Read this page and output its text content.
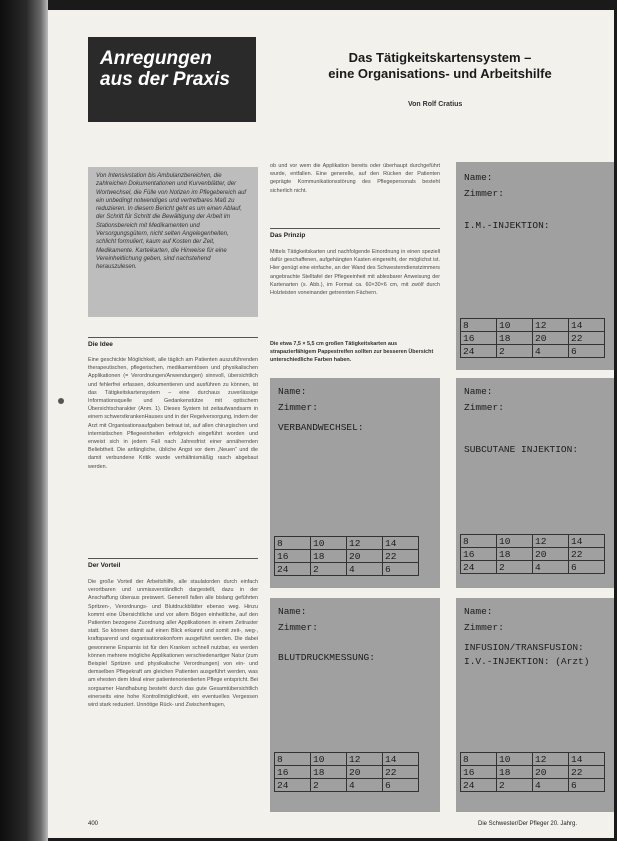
Anregungen
aus der Praxis
Das Tätigkeitskartensystem –
eine Organisations- und Arbeitshilfe
Von Rolf Cratius
Von Intensivstation bis Ambulanzbereichen, die zahlreichen Dokumentationen und Kurvenblätter, der Wortwechsel, die Fülle von Notizen im Pflegebereich auf ein unbedingt notwendiges und vertretbares Maß zu reduzieren. In diesem Bericht geht es um einen Ablauf, der Schritt für Schritt die Bewältigung der Arbeit im Stationsbereich mit Medikamenten und Versorgungsgütern, nicht selten Angelegenheiten, schlicht formuliert, kaum auf Kosten der Zeit, Medikamente. Karteikarten, die Hinweise für eine Vereinheitlichung geben, sind nachstehend herauszulesen.
Die Idee
Eine geschickte Möglichkeit, alle täglich am Patienten auszuführenden therapeutischen, pflegerischen, medikamentösen und physikalischen Applikationen (= Verordnungen/Anwendungen) sinnvoll, übersichtlich und fehlerfrei erfassen, dokumentieren und ausführen zu können, ist das Tätigkeitskartensystem – eine durchaus zuverlässige Informationsquelle und Gedankenstütze mit optischem Übersichtscharakter (Anm. 1). Dieses System ist zeitaufwandsarm in einem schwerstkrankenHauses und in der Regelversorgung, indem der Arzt mit Organisationsaufgaben betraut ist, auf allen chirurgischen und internistischen Pflegeeinheiten erfolgreich eingeführt worden und erweist sich in jedem Fall nach Jahresfrist einer annähernden Beliebtheit. Die anfängliche, übliche Angst vor dem „Neuen“ und die damit verbundene Kritik wurde verhältnismäßig rasch abgebaut werden.
Der Vorteil
Die große Vorteil der Arbeitshilfe, alle staulatorden durch einfach verortbaren und unmissverständlich dargestellt, dazu in der Anschaffung überaus preiswert. Generell fallen alle bislang geführten Spritzen-, Verordnungs- und Blutdruckblätter ebenso weg. Hinzu kommt eine Übersichtliche und vor allem Bögen einheitliche, auf den Patienten bezogene Zuordnung aller Applikationen in einem Zeitraster statt. So können damit auf einen Blick erkannt und somit zeit-, weg-, kraftsparend und organisationskonform ausgeführt werden. Die dabei gewonnene Ersparnis ist für den Kranken schnell nutzbar, es werden können mehrere mögliche Applikationen verschiedenartiger Natur (zum Beispiel Spritzen und physikalische Verordnungen) von ein- und demselben Pflegekraft am gleichen Patienten ausgeführt werden, was am ehesten dem Ideal einer patientenorientierten Pflege entspricht. Bei sorgsamer Handhabung besteht durch das gute Gesamtübersichtlich einerseits eine hohe Kontrollmöglichkeit, ein eventuelles Vergessen wird stark reduziert. Unnötige Rück- und Zwischenfragen,
ob und vor wem die Applikation bereits oder überhaupt durchgeführt wurde, entfallen. Eine generelle, auf den Rücken der Patienten geprägte Kommunikationsstörung des Pflegepersonals besteht sicherlich nicht.
Das Prinzip
Mittels Tätigkeitskarten und nachfolgende Einordnung in einen speziell dafür geschaffenen, aufgehängten Kasten eingereiht, der möglichst ist. Hier genügt eine einfache, an der Wand des Schwesterndienstzimmers angebrachte Stelltafel der Pflegeeinheit mit ablesbarer Anweisung der Kartenarten (s. Abb.), im Format ca. 60×30×6 cm, mit zwölf durch Holzleisten voneinander getrennten Fächern.
Die etwa 7,5 × 5,5 cm großen Tätigkeitskarten aus strapazierfähigem Pappestreifen sollten zur besseren Übersicht unterschiedliche Farben haben.
Name:
Zimmer:
I.M.-INJEKTION:
8	10	12	14
16	18	20	22
24	2	4	6
Name:
Zimmer:
VERBANDWECHSEL:
8	10	12	14
16	18	20	22
24	2	4	6
Name:
Zimmer:
SUBCUTANE INJEKTION:
8	10	12	14
16	18	20	22
24	2	4	6
Name:
Zimmer:
BLUTDRUCKMESSUNG:
8	10	12	14
16	18	20	22
24	2	4	6
Name:
Zimmer:
INFUSION/TRANSFUSION:
I.V.-INJEKTION: (Arzt)
8	10	12	14
16	18	20	22
24	2	4	6
400	Die Schwester/Der Pfleger 20. Jahrg.
